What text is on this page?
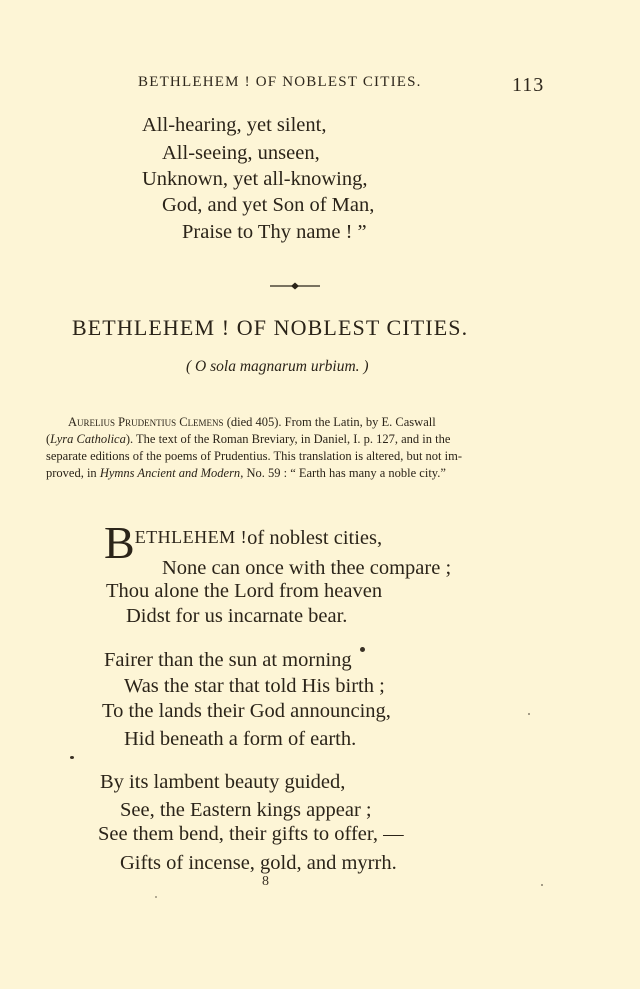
BETHLEHEM ! OF NOBLEST CITIES.	113
All-hearing, yet silent,
All-seeing, unseen,
Unknown, yet all-knowing,
God, and yet Son of Man,
Praise to Thy name ! ”
BETHLEHEM ! OF NOBLEST CITIES.
( O sola magnarum urbium. )
Aurelius Prudentius Clemens (died 405). From the Latin, by E. Caswall
(Lyra Catholica). The text of the Roman Breviary, in Daniel, I. p. 127, and in the
separate editions of the poems of Prudentius. This translation is altered, but not im-
proved, in Hymns Ancient and Modern, No. 59 : “ Earth has many a noble city.”
BETHLEHEM !of noblest cities,
None can once with thee compare ;
Thou alone the Lord from heaven
Didst for us incarnate bear.
Fairer than the sun at morning
Was the star that told His birth ;
To the lands their God announcing,
Hid beneath a form of earth.
By its lambent beauty guided,
See, the Eastern kings appear ;
See them bend, their gifts to offer, —
Gifts of incense, gold, and myrrh.
8
